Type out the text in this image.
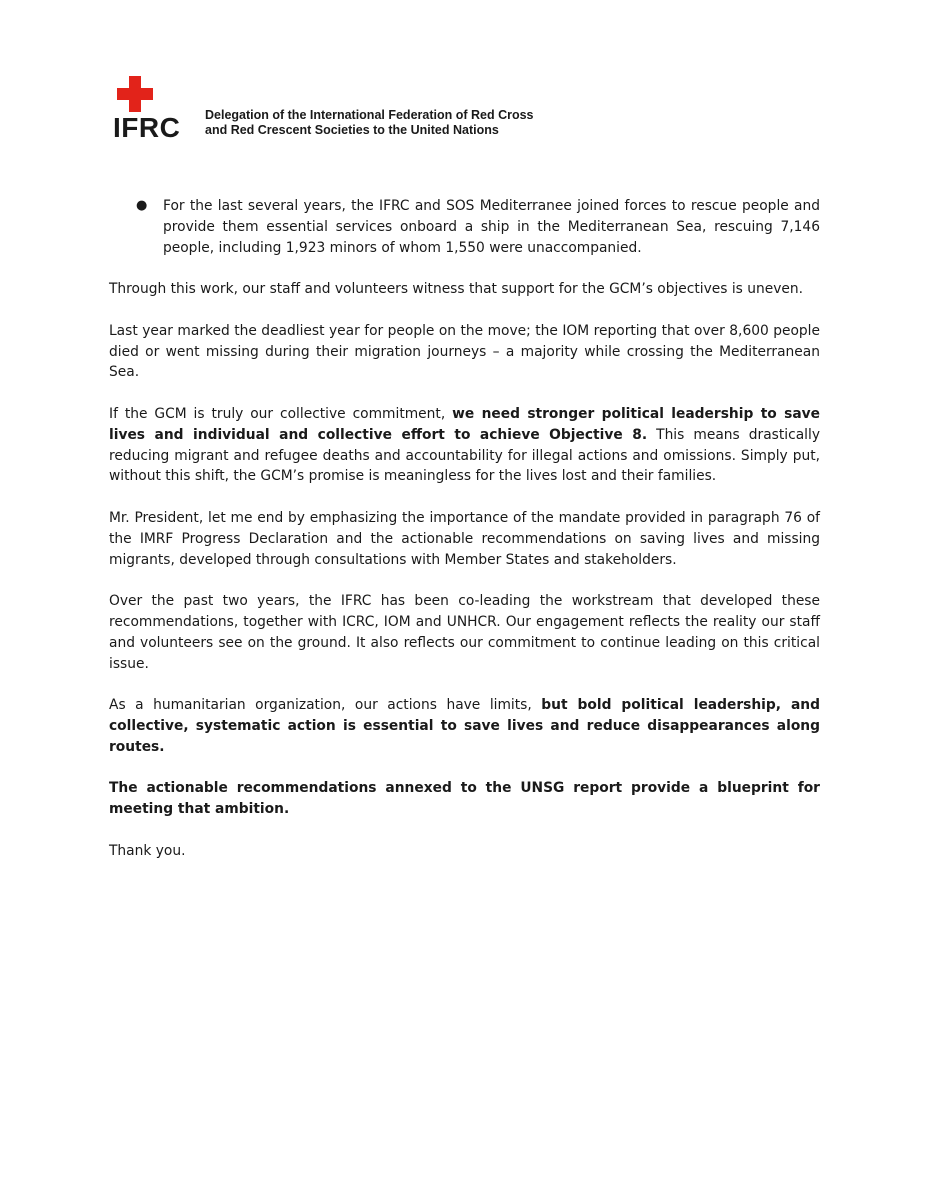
IFRC Delegation of the International Federation of Red Cross
and Red Crescent Societies to the United Nations
●	For the last several years, the IFRC and SOS Mediterranee joined forces to rescue people and provide them essential services onboard a ship in the Mediterranean Sea, rescuing 7,146 people, including 1,923 minors of whom 1,550 were unaccompanied.

Through this work, our staff and volunteers witness that support for the GCM’s objectives is uneven.

Last year marked the deadliest year for people on the move; the IOM reporting that over 8,600 people died or went missing during their migration journeys – a majority while crossing the Mediterranean Sea.

If the GCM is truly our collective commitment, we need stronger political leadership to save lives and individual and collective effort to achieve Objective 8. This means drastically reducing migrant and refugee deaths and accountability for illegal actions and omissions. Simply put, without this shift, the GCM’s promise is meaningless for the lives lost and their families.

Mr. President, let me end by emphasizing the importance of the mandate provided in paragraph 76 of the IMRF Progress Declaration and the actionable recommendations on saving lives and missing migrants, developed through consultations with Member States and stakeholders.

Over the past two years, the IFRC has been co-leading the workstream that developed these recommendations, together with ICRC, IOM and UNHCR. Our engagement reflects the reality our staff and volunteers see on the ground. It also reflects our commitment to continue leading on this critical issue.

As a humanitarian organization, our actions have limits, but bold political leadership, and collective, systematic action is essential to save lives and reduce disappearances along routes.

The actionable recommendations annexed to the UNSG report provide a blueprint for meeting that ambition.

Thank you.
